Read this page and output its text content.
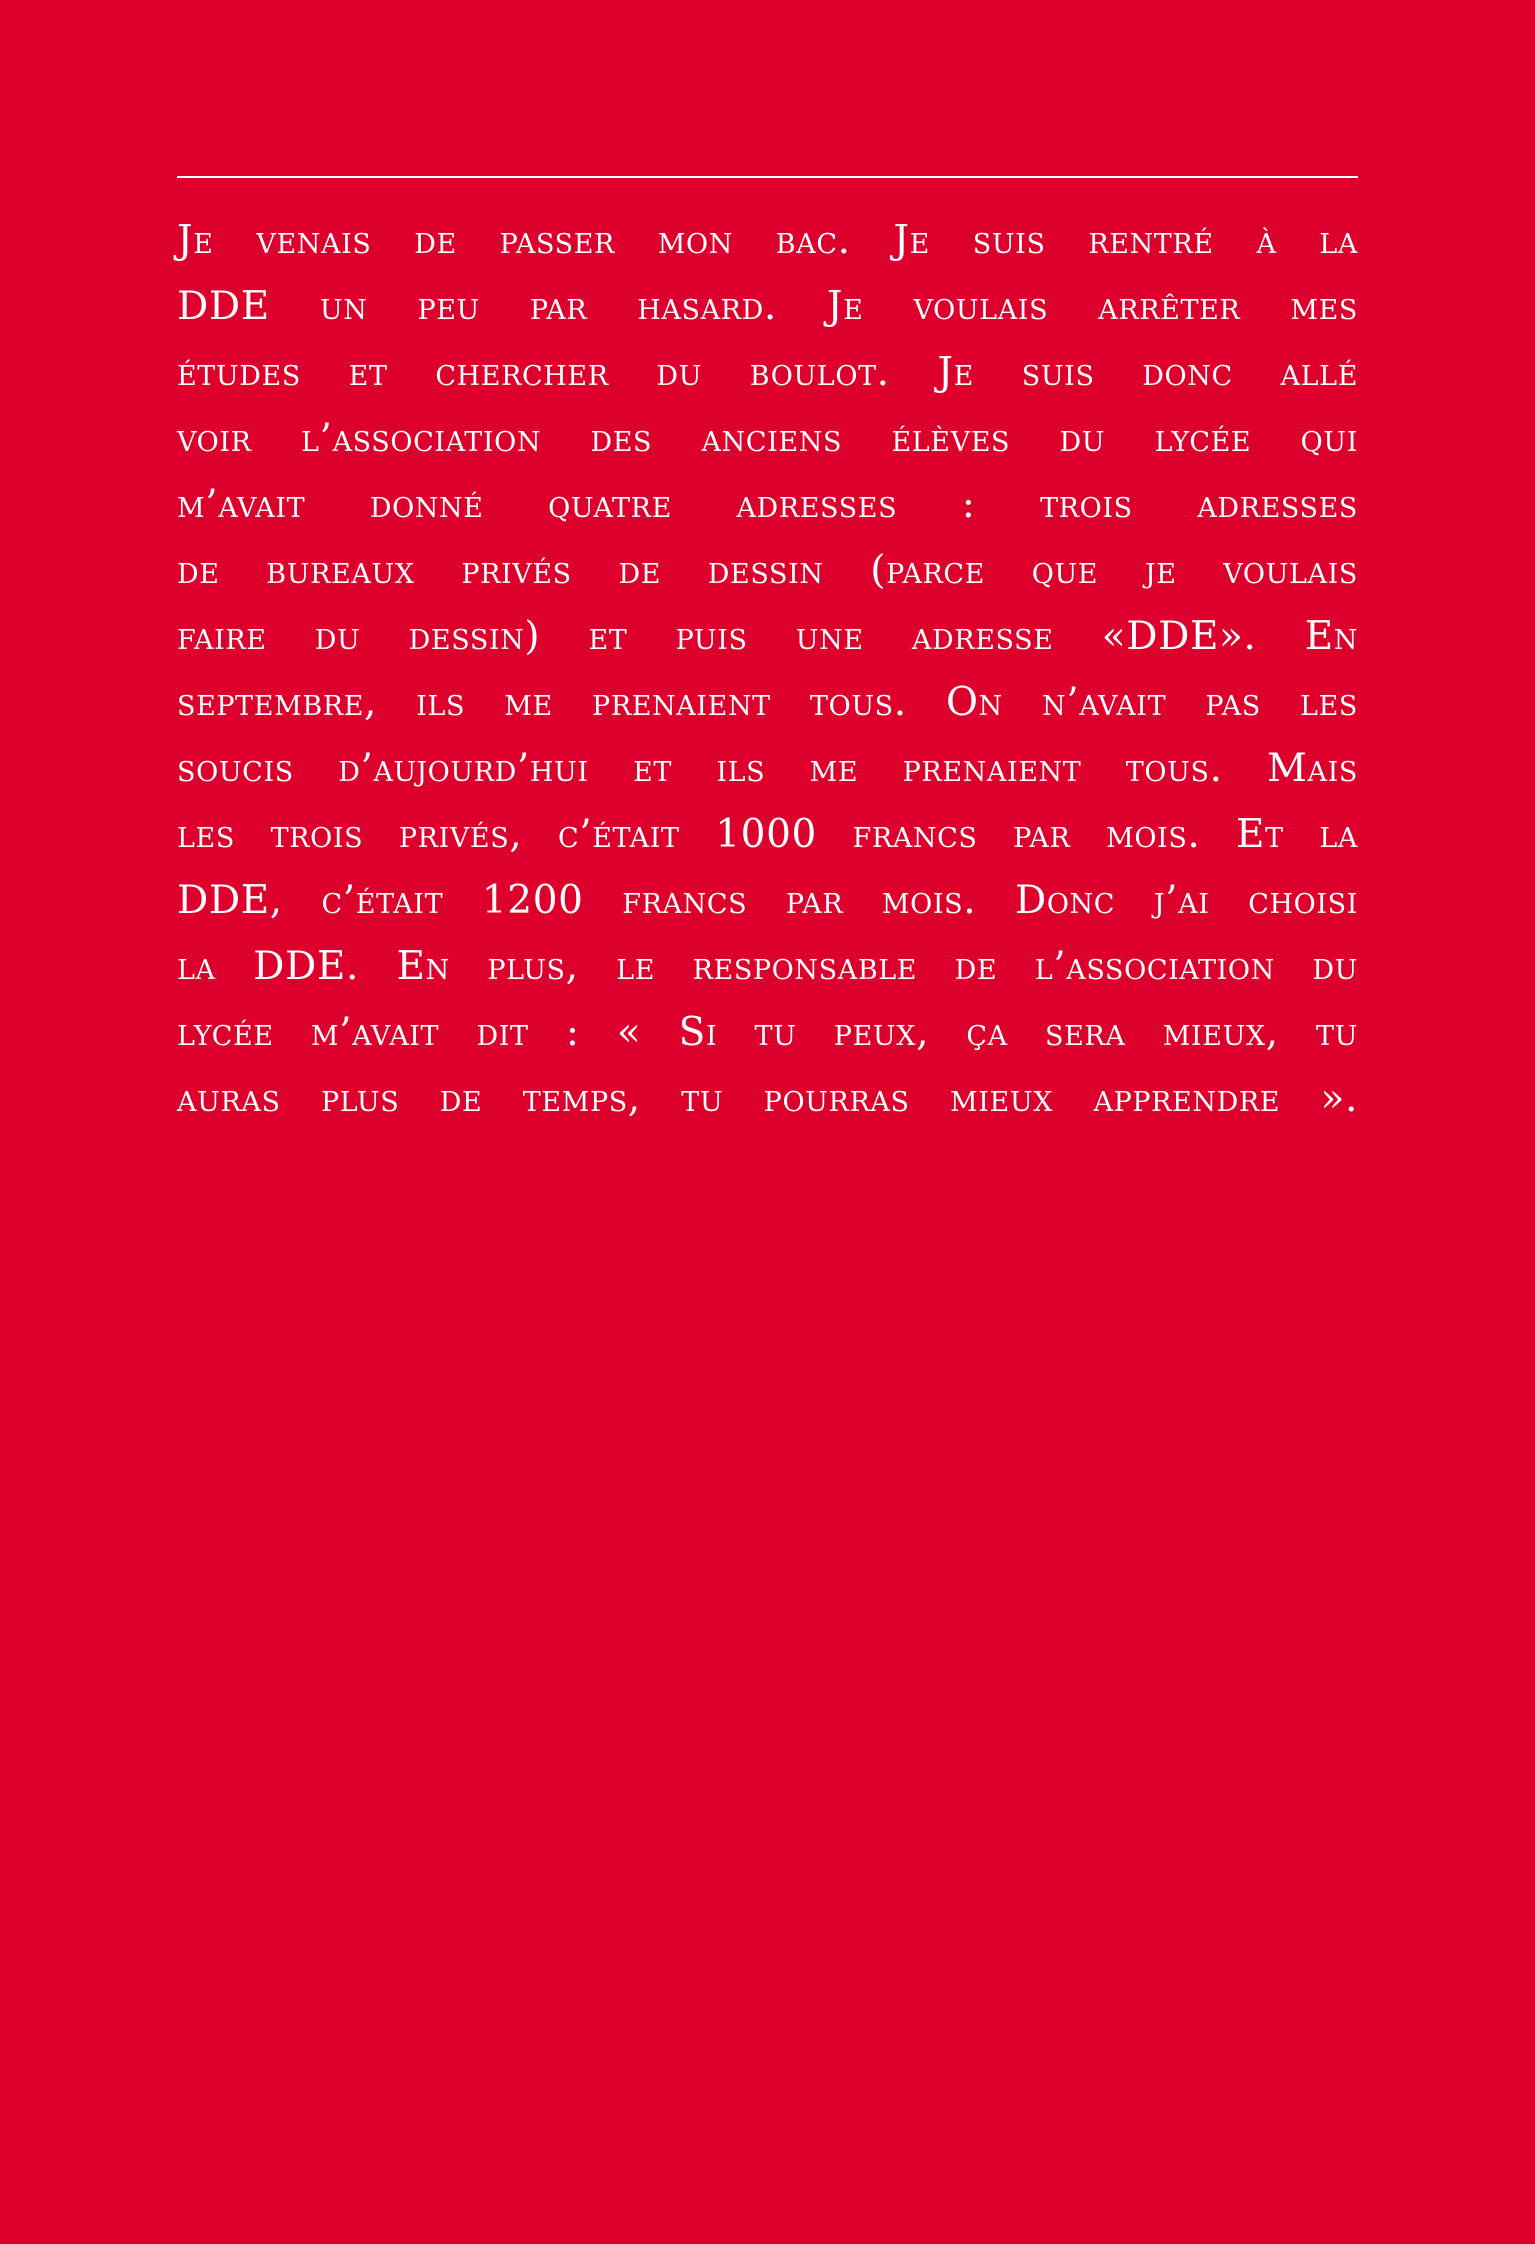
Je venais de passer mon bac. Je suis rentré à la
DDE un peu par hasard. Je voulais arrêter mes
études et chercher du boulot. Je suis donc allé
voir l’association des anciens élèves du lycée qui
m’avait donné quatre adresses : trois adresses
de bureaux privés de dessin (parce que je voulais
faire du dessin) et puis une adresse «DDE». En
septembre, ils me prenaient tous. On n’avait pas les
soucis d’aujourd’hui et ils me prenaient tous. Mais
les trois privés, c’était 1000 francs par mois. Et la
DDE, c’était 1200 francs par mois. Donc j’ai choisi
la DDE. En plus, le responsable de l’association du
lycée m’avait dit : « Si tu peux, ça sera mieux, tu
auras plus de temps, tu pourras mieux apprendre ».
